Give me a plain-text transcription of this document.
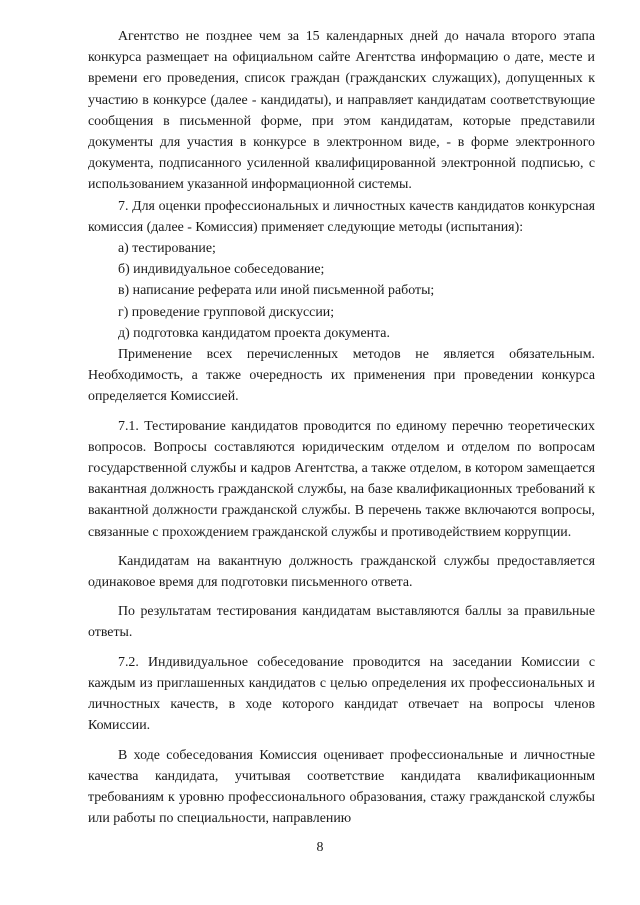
Агентство не позднее чем за 15 календарных дней до начала второго этапа конкурса размещает на официальном сайте Агентства информацию о дате, месте и времени его проведения, список граждан (гражданских служащих), допущенных к участию в конкурсе (далее - кандидаты), и направляет кандидатам соответствующие сообщения в письменной форме, при этом кандидатам, которые представили документы для участия в конкурсе в электронном виде, - в форме электронного документа, подписанного усиленной квалифицированной электронной подписью, с использованием указанной информационной системы.

7. Для оценки профессиональных и личностных качеств кандидатов конкурсная комиссия (далее - Комиссия) применяет следующие методы (испытания):

а) тестирование;

б) индивидуальное собеседование;

в) написание реферата или иной письменной работы;

г) проведение групповой дискуссии;

д) подготовка кандидатом проекта документа.

Применение всех перечисленных методов не является обязательным. Необходимость, а также очередность их применения при проведении конкурса определяется Комиссией.

7.1. Тестирование кандидатов проводится по единому перечню теоретических вопросов. Вопросы составляются юридическим отделом и отделом по вопросам государственной службы и кадров Агентства, а также отделом, в котором замещается вакантная должность гражданской службы, на базе квалификационных требований к вакантной должности гражданской службы. В перечень также включаются вопросы, связанные с прохождением гражданской службы и противодействием коррупции.

Кандидатам на вакантную должность гражданской службы предоставляется одинаковое время для подготовки письменного ответа.

По результатам тестирования кандидатам выставляются баллы за правильные ответы.

7.2. Индивидуальное собеседование проводится на заседании Комиссии с каждым из приглашенных кандидатов с целью определения их профессиональных и личностных качеств, в ходе которого кандидат отвечает на вопросы членов Комиссии.

В ходе собеседования Комиссия оценивает профессиональные и личностные качества кандидата, учитывая соответствие кандидата квалификационным требованиям к уровню профессионального образования, стажу гражданской службы или работы по специальности, направлению

8
